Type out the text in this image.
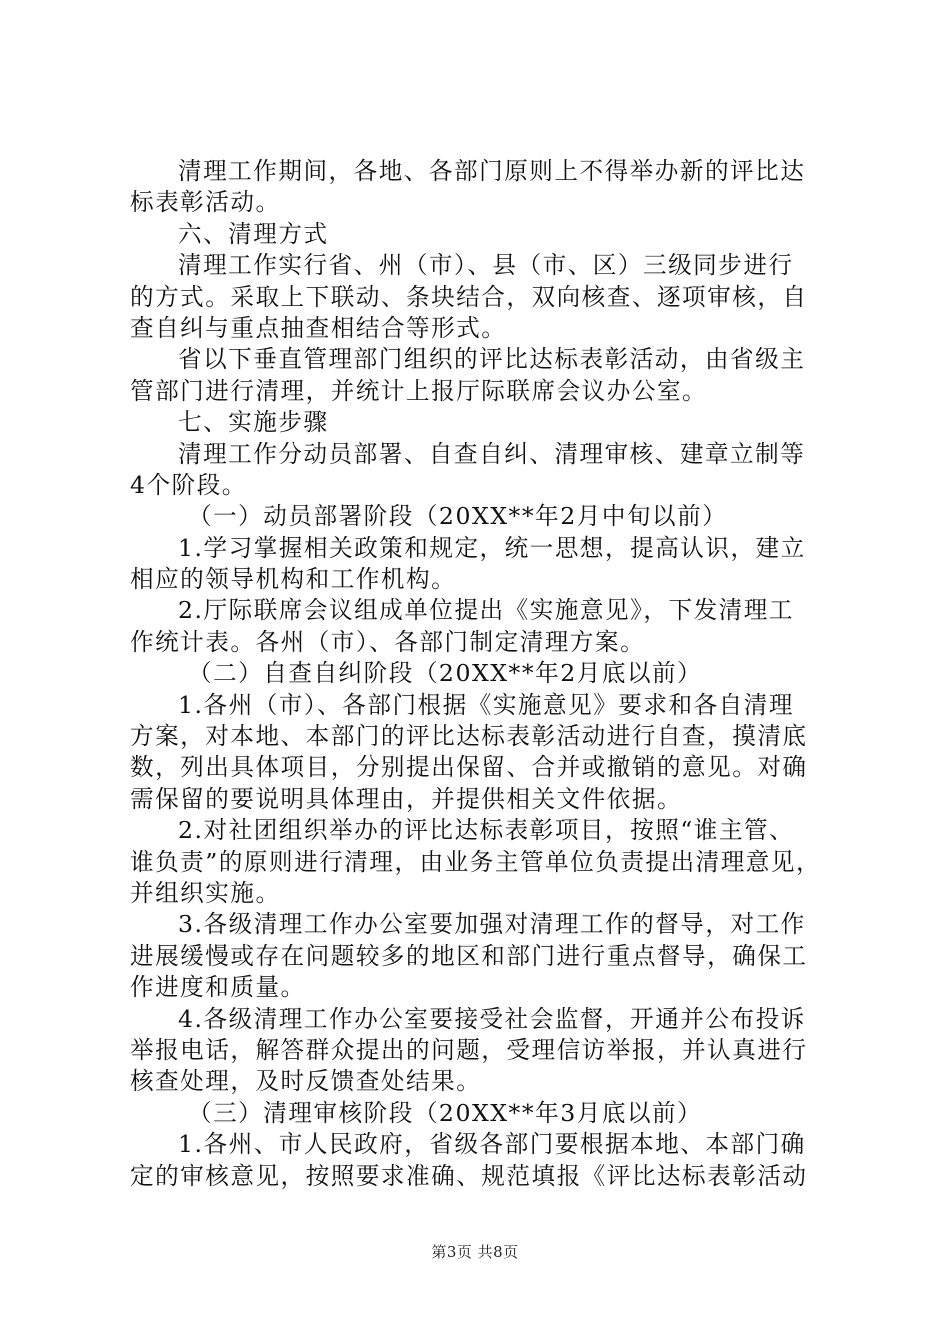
清理工作期间，各地、各部门原则上不得举办新的评比达
标表彰活动。
六、清理方式
清理工作实行省、州（市）、县（市、区）三级同步进行
的方式。采取上下联动、条块结合，双向核查、逐项审核，自
查自纠与重点抽查相结合等形式。
省以下垂直管理部门组织的评比达标表彰活动，由省级主
管部门进行清理，并统计上报厅际联席会议办公室。
七、实施步骤
清理工作分动员部署、自查自纠、清理审核、建章立制等
4个阶段。
（一）动员部署阶段（20XX**年2月中旬以前）
1.学习掌握相关政策和规定，统一思想，提高认识，建立
相应的领导机构和工作机构。
2.厅际联席会议组成单位提出《实施意见》，下发清理工
作统计表。各州（市）、各部门制定清理方案。
（二）自查自纠阶段（20XX**年2月底以前）
1.各州（市）、各部门根据《实施意见》要求和各自清理
方案，对本地、本部门的评比达标表彰活动进行自查，摸清底
数，列出具体项目，分别提出保留、合并或撤销的意见。对确
需保留的要说明具体理由，并提供相关文件依据。
2.对社团组织举办的评比达标表彰项目，按照“谁主管、
谁负责”的原则进行清理，由业务主管单位负责提出清理意见，
并组织实施。
3.各级清理工作办公室要加强对清理工作的督导，对工作
进展缓慢或存在问题较多的地区和部门进行重点督导，确保工
作进度和质量。
4.各级清理工作办公室要接受社会监督，开通并公布投诉
举报电话，解答群众提出的问题，受理信访举报，并认真进行
核查处理，及时反馈查处结果。
（三）清理审核阶段（20XX**年3月底以前）
1.各州、市人民政府，省级各部门要根据本地、本部门确
定的审核意见，按照要求准确、规范填报《评比达标表彰活动
第3页 共8页
